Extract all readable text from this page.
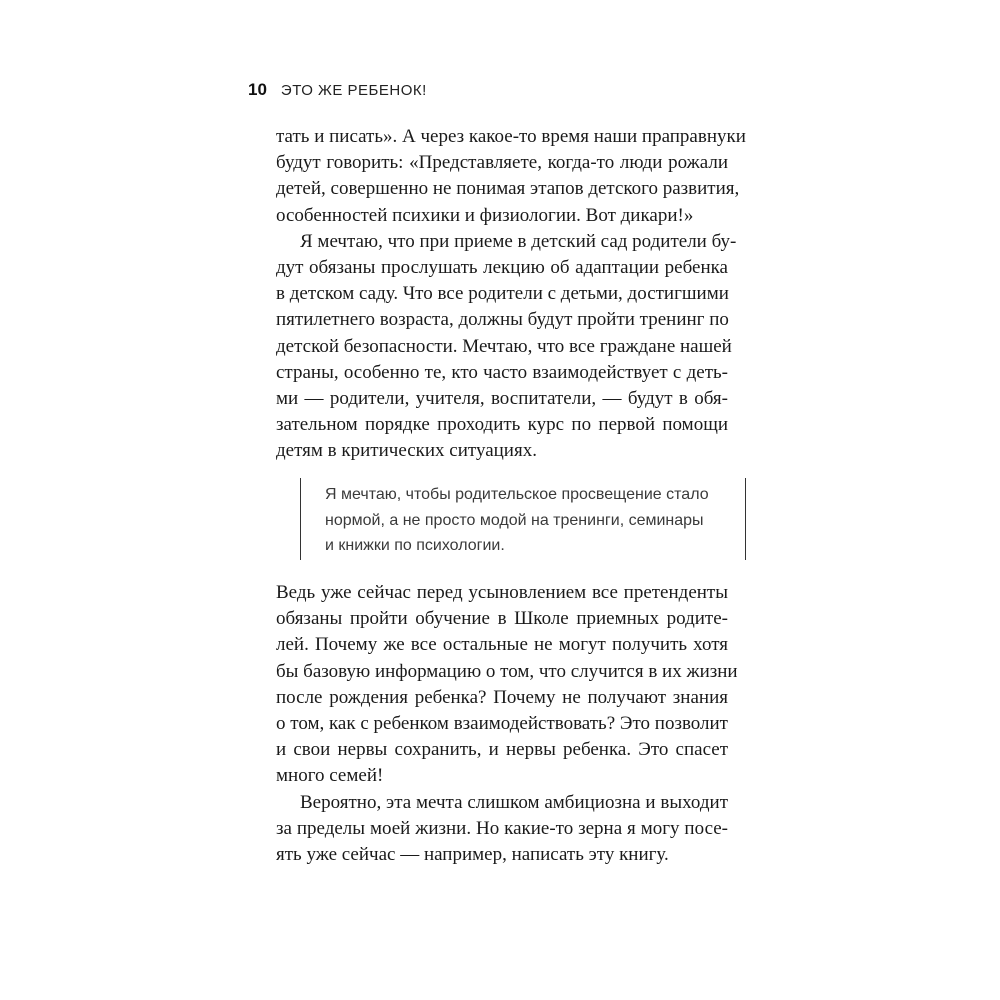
10 ЭТО ЖЕ РЕБЕНОК!
тать и писать». А через какое-то время наши праправнуки
будут говорить: «Представляете, когда-то люди рожали
детей, совершенно не понимая этапов детского развития,
особенностей психики и физиологии. Вот дикари!»
Я мечтаю, что при приеме в детский сад родители бу-
дут обязаны прослушать лекцию об адаптации ребенка
в детском саду. Что все родители с детьми, достигшими
пятилетнего возраста, должны будут пройти тренинг по
детской безопасности. Мечтаю, что все граждане нашей
страны, особенно те, кто часто взаимодействует с деть-
ми — родители, учителя, воспитатели, — будут в обя-
зательном порядке проходить курс по первой помощи
детям в критических ситуациях.
Я мечтаю, чтобы родительское просвещение стало
нормой, а не просто модой на тренинги, семинары
и книжки по психологии.
Ведь уже сейчас перед усыновлением все претенденты
обязаны пройти обучение в Школе приемных родите-
лей. Почему же все остальные не могут получить хотя
бы базовую информацию о том, что случится в их жизни
после рождения ребенка? Почему не получают знания
о том, как с ребенком взаимодействовать? Это позволит
и свои нервы сохранить, и нервы ребенка. Это спасет
много семей!
Вероятно, эта мечта слишком амбициозна и выходит
за пределы моей жизни. Но какие-то зерна я могу посе-
ять уже сейчас — например, написать эту книгу.
